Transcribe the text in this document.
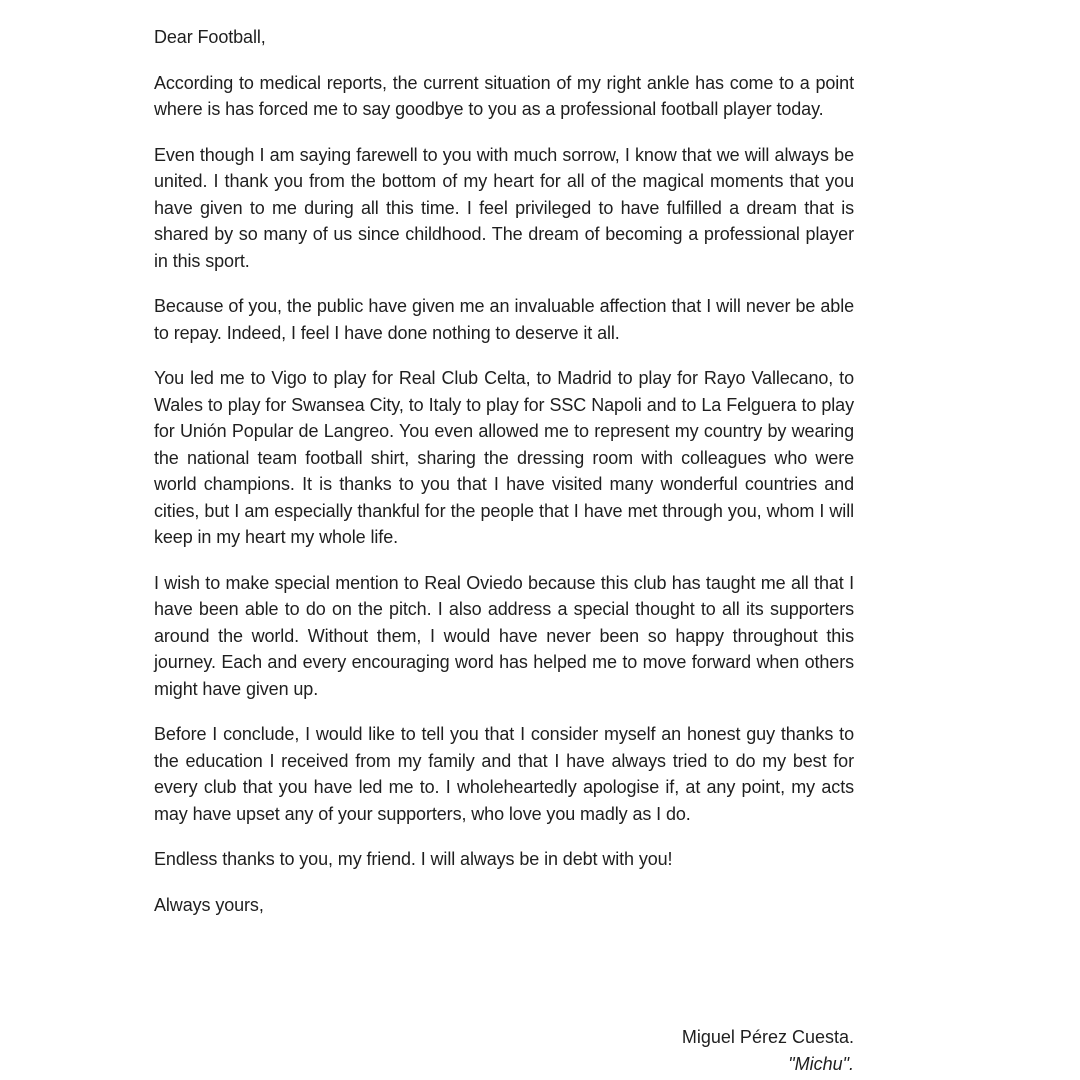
Dear Football,

According to medical reports, the current situation of my right ankle has come to a point where is has forced me to say goodbye to you as a professional football player today.

Even though I am saying farewell to you with much sorrow, I know that we will always be united. I thank you from the bottom of my heart for all of the magical moments that you have given to me during all this time. I feel privileged to have fulfilled a dream that is shared by so many of us since childhood. The dream of becoming a professional player in this sport.

Because of you, the public have given me an invaluable affection that I will never be able to repay. Indeed, I feel I have done nothing to deserve it all.

You led me to Vigo to play for Real Club Celta, to Madrid to play for Rayo Vallecano, to Wales to play for Swansea City, to Italy to play for SSC Napoli and to La Felguera to play for Unión Popular de Langreo. You even allowed me to represent my country by wearing the national team football shirt, sharing the dressing room with colleagues who were world champions. It is thanks to you that I have visited many wonderful countries and cities, but I am especially thankful for the people that I have met through you, whom I will keep in my heart my whole life.

I wish to make special mention to Real Oviedo because this club has taught me all that I have been able to do on the pitch. I also address a special thought to all its supporters around the world. Without them, I would have never been so happy throughout this journey. Each and every encouraging word has helped me to move forward when others might have given up.

Before I conclude, I would like to tell you that I consider myself an honest guy thanks to the education I received from my family and that I have always tried to do my best for every club that you have led me to. I wholeheartedly apologise if, at any point, my acts may have upset any of your supporters, who love you madly as I do.

Endless thanks to you, my friend. I will always be in debt with you!

Always yours,

Miguel Pérez Cuesta.
"Michu".
